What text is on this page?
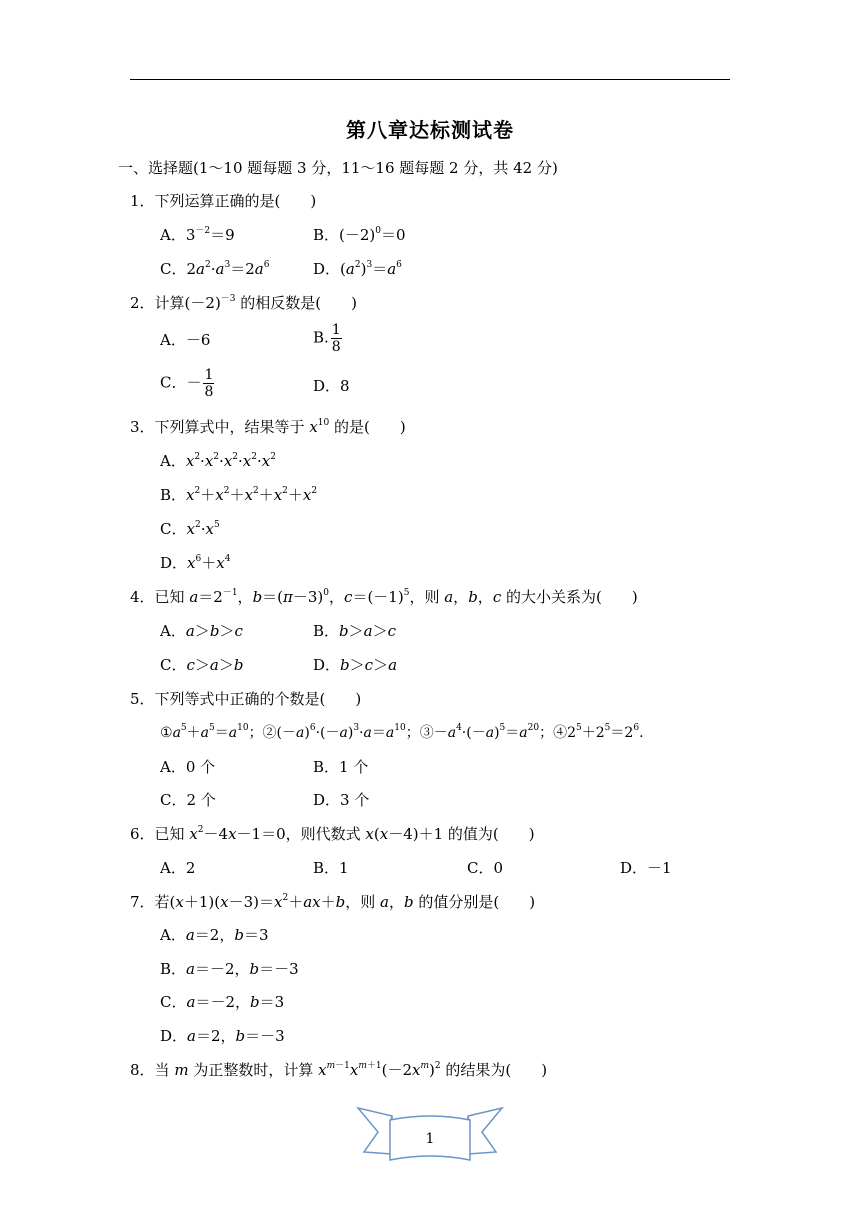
第八章达标测试卷
一、选择题(1～10 题每题 3 分，11～16 题每题 2 分，共 42 分)
1．下列运算正确的是(　　)
A．$3^{-2}=9$	B．$(-2)^0=0$
C．$2a^2\cdot a^3=2a^6$	D．$(a^2)^3=a^6$
2．计算$(-2)^{-3}$ 的相反数是(　　)
A．－6	B. $\frac{1}{8}$
C．－ $\frac{1}{8}$	D．8
3．下列算式中，结果等于 $x^{10}$ 的是(　　)
A．$x^2\cdot x^2\cdot x^2\cdot x^2\cdot x^2$
B．$x^2+x^2+x^2+x^2+x^2$
C．$x^2\cdot x^5$
D．$x^6+x^4$
4．已知 $a=2^{-1}$，$b=(\pi-3)^0$，$c=(-1)^5$，则 a，b，c 的大小关系为(　　)
A．a＞b＞c	B．b＞a＞c
C．c＞a＞b	D．b＞c＞a
5．下列等式中正确的个数是(　　)
$①a^5+a^5=a^{10}$；$②(-a)^6\cdot(-a)^3\cdot a=a^{10}$；$③-a^4\cdot(-a)^5=a^{20}$；$④2^5+2^5=2^6$.
A．0 个	B．1 个
C．2 个	D．3 个
6．已知 $x^2-4x-1=0$，则代数式 x(x－4)＋1 的值为(　　)
A．2	B．1	C．0	D．－1
7．若$(x+1)(x-3)=x^2+ax+b$，则 a，b 的值分别是(　　)
A．a＝2，b＝3
B．a＝－2，b＝－3
C．a＝－2，b＝3
D．a＝2，b＝－3
8．当 m 为正整数时，计算 $x^{m-1}x^{m+1}(-2x^m)^2$ 的结果为(　　)
1
